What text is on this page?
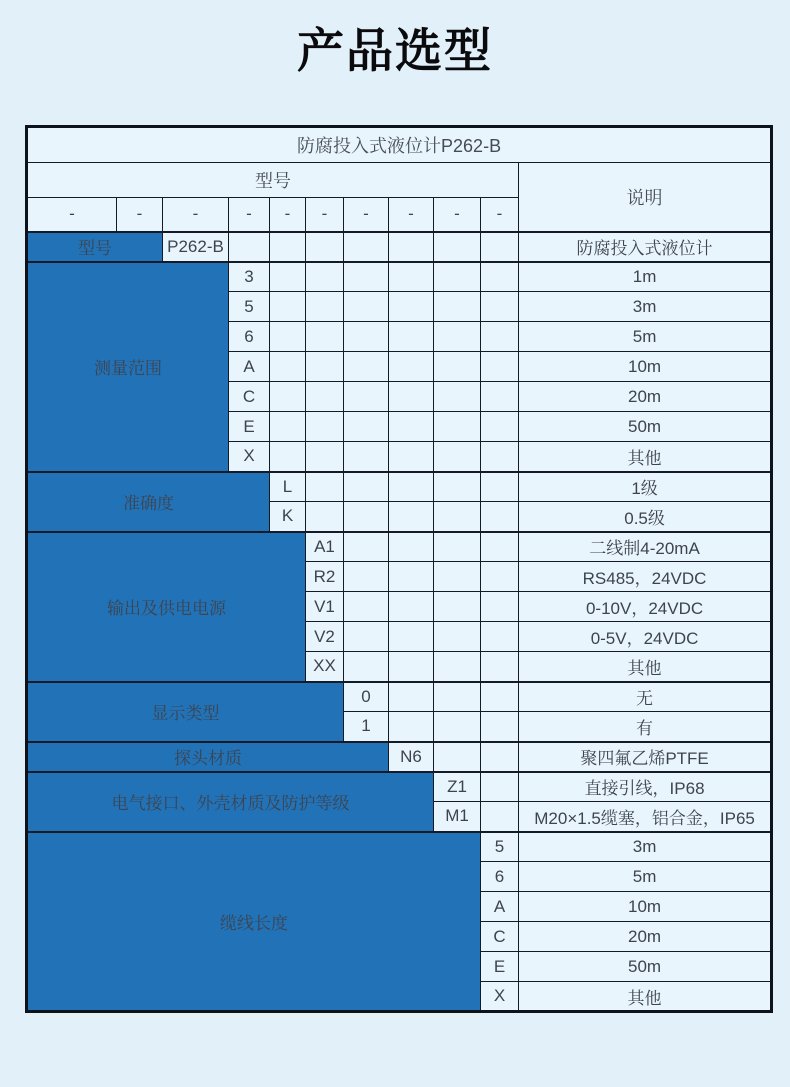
产品选型
防腐投入式液位计P262-B										
型号										说明
-	-	-	-	-	-	-	-	-	-	
型号		P262-B								防腐投入式液位计
测量范围			3							1m
			5							3m
			6							5m
			A							10m
			C							20m
			E							50m
			X							其他
准确度				L						1级
				K						0.5级
输出及供电电源					A1					二线制4-20mA
					R2					RS485，24VDC
					V1					0-10V，24VDC
					V2					0-5V，24VDC
					XX					其他
显示类型						0				无
						1				有
探头材质							N6			聚四氟乙烯PTFE
电气接口、外壳材质及防护等级								Z1		直接引线，IP68
								M1		M20×1.5缆塞，铝合金，IP65
缆线长度									5	3m
									6	5m
									A	10m
									C	20m
									E	50m
									X	其他
